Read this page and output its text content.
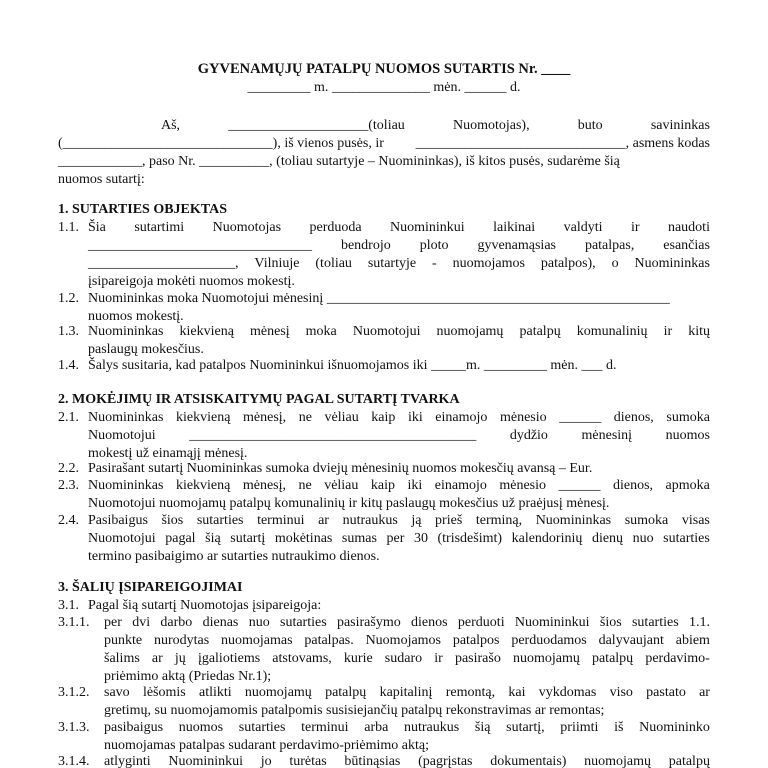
GYVENAMŲJŲ PATALPŲ NUOMOS SUTARTIS Nr. ____
_________ m. ______________ mėn. ______ d.
Aš,	____________________(toliau	Nuomotojas),	buto	savininkas
(______________________________), iš vienos pusės, ir ______________________________, asmens kodas
____________, paso Nr. __________, (toliau sutartyje – Nuomininkas), iš kitos pusės, sudarėme šią
nuomos sutartį:
1. SUTARTIES OBJEKTAS
1.1. Šia sutartimi Nuomotojas perduoda Nuomininkui laikinai valdyti ir naudoti
________________________________ bendrojo ploto gyvenamąsias patalpas, esančias
_____________________, Vilniuje (toliau sutartyje - nuomojamos patalpos), o Nuomininkas
įsipareigoja mokėti nuomos mokestį.
1.2. Nuomininkas moka Nuomotojui mėnesinį _________________________________________________
nuomos mokestį.
1.3. Nuomininkas kiekvieną mėnesį moka Nuomotojui nuomojamų patalpų komunalinių ir kitų
paslaugų mokesčius.
1.4. Šalys susitaria, kad patalpos Nuomininkui išnuomojamos iki _____m. _________ mėn. ___ d.
2. MOKĖJIMŲ IR ATSISKAITYMŲ PAGAL SUTARTĮ TVARKA
2.1. Nuomininkas kiekvieną mėnesį, ne vėliau kaip iki einamojo mėnesio ______ dienos, sumoka
Nuomotojui _________________________________________ dydžio mėnesinį nuomos
mokestį už einamąjį mėnesį.
2.2. Pasirašant sutartį Nuomininkas sumoka dviejų mėnesinių nuomos mokesčių avansą – Eur.
2.3. Nuomininkas kiekvieną mėnesį, ne vėliau kaip iki einamojo mėnesio ______ dienos, apmoka
Nuomotojui nuomojamų patalpų komunalinių ir kitų paslaugų mokesčius už praėjusį mėnesį.
2.4. Pasibaigus šios sutarties terminui ar nutraukus ją prieš terminą, Nuomininkas sumoka visas
Nuomotojui pagal šią sutartį mokėtinas sumas per 30 (trisdešimt) kalendorinių dienų nuo sutarties
termino pasibaigimo ar sutarties nutraukimo dienos.
3. ŠALIŲ ĮSIPAREIGOJIMAI
3.1. Pagal šią sutartį Nuomotojas įsipareigoja:
3.1.1. per dvi darbo dienas nuo sutarties pasirašymo dienos perduoti Nuomininkui šios sutarties 1.1.
punkte nurodytas nuomojamas patalpas. Nuomojamos patalpos perduodamos dalyvaujant abiem
šalims ar jų įgaliotiems atstovams, kurie sudaro ir pasirašo nuomojamų patalpų perdavimo-
priėmimo aktą (Priedas Nr.1);
3.1.2. savo lėšomis atlikti nuomojamų patalpų kapitalinį remontą, kai vykdomas viso pastato ar
gretimų, su nuomojamomis patalpomis susisiejančių patalpų rekonstravimas ar remontas;
3.1.3. pasibaigus nuomos sutarties terminui arba nutraukus šią sutartį, priimti iš Nuomininko
nuomojamas patalpas sudarant perdavimo-priėmimo aktą;
3.1.4. atlyginti Nuomininkui jo turėtas būtinąsias (pagrįstas dokumentais) nuomojamų patalpų
